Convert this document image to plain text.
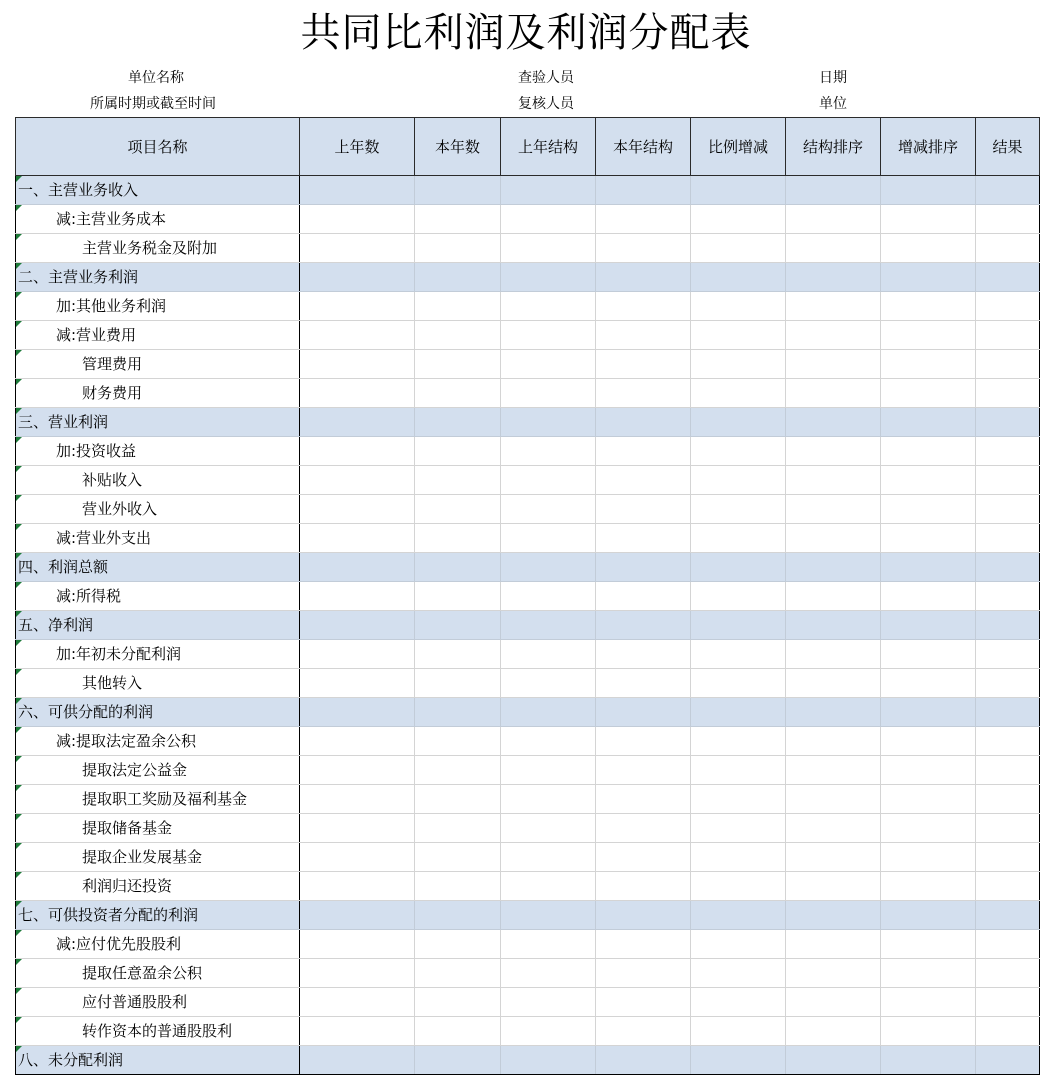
共同比利润及利润分配表
单位名称
所属时期或截至时间
查验人员
复核人员
日期
单位
项目名称	上年数	本年数	上年结构	本年结构	比例增减	结构排序	增减排序	结果

一、主营业务收入								

减:主营业务成本								

主营业务税金及附加								

二、主营业务利润								

加:其他业务利润								

减:营业费用								

管理费用								

财务费用								

三、营业利润								

加:投资收益								

补贴收入								

营业外收入								

减:营业外支出								

四、利润总额								

减:所得税								

五、净利润								

加:年初未分配利润								

其他转入								

六、可供分配的利润								

减:提取法定盈余公积								

提取法定公益金								

提取职工奖励及福利基金								

提取储备基金								

提取企业发展基金								

利润归还投资								

七、可供投资者分配的利润								

减:应付优先股股利								

提取任意盈余公积								

应付普通股股利								

转作资本的普通股股利								

八、未分配利润								
